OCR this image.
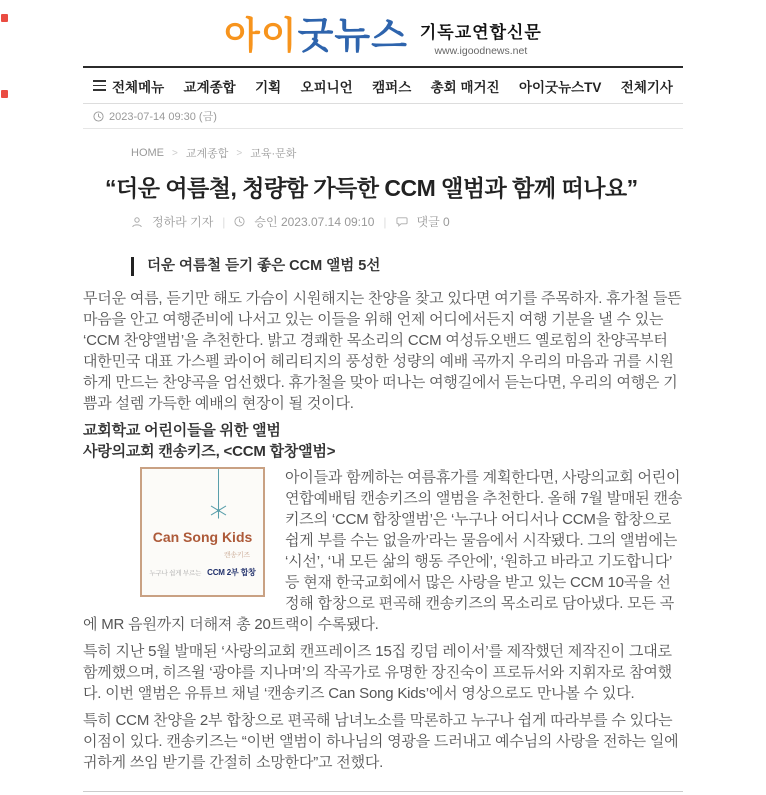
아이굿뉴스 기독교연합신문
www.igoodnews.net
전체메뉴 교계종합 기획 오피니언 캠퍼스 총회 매거진 아이굿뉴스TV 전체기사
2023-07-14 09:30 (금)
HOME > 교계종합 > 교육·문화
“더운 여름철, 청량함 가득한 CCM 앨범과 함께 떠나요”
정하라 기자 | 승인 2023.07.14 09:10 |	댓글 0
더운 여름철 듣기 좋은 CCM 앨범 5선

무더운 여름, 듣기만 해도 가슴이 시원해지는 찬양을 찾고 있다면 여기를 주목하자. 휴가철 들뜬 마음을 안고 여행준비에 나서고 있는 이들을 위해 언제 어디에서든지 여행 기분을 낼 수 있는 ‘CCM 찬양앨범’을 추천한다. 밝고 경쾌한 목소리의 CCM 여성듀오밴드 옐로힘의 찬양곡부터 대한민국 대표 가스펠 콰이어 헤리티지의 풍성한 성량의 예배 곡까지 우리의 마음과 귀를 시원하게 만드는 찬양곡을 엄선했다. 휴가철을 맞아 떠나는 여행길에서 듣는다면, 우리의 여행은 기쁨과 설렘 가득한 예배의 현장이 될 것이다.

교회학교 어린이들을 위한 앨범
사랑의교회 캔송키즈, <CCM 합창앨범>
Can Song Kids
캔송키즈
누구나 쉽게 부르는 CCM 2부 합창

아이들과 함께하는 여름휴가를 계획한다면, 사랑의교회 어린이 연합예배팀 캔송키즈의 앨범을 추천한다. 올해 7월 발매된 캔송키즈의 ‘CCM 합창앨범’은 ‘누구나 어디서나 CCM을 합창으로 쉽게 부를 수는 없을까’라는 물음에서 시작됐다. 그의 앨범에는 ‘시선’, ‘내 모든 삶의 행동 주안에’, ‘원하고 바라고 기도합니다’ 등 현재 한국교회에서 많은 사랑을 받고 있는 CCM 10곡을 선정해 합창으로 편곡해 캔송키즈의 목소리로 담아냈다. 모든 곡에 MR 음원까지 더해져 총 20트랙이 수록됐다.

특히 지난 5월 발매된 ‘사랑의교회 캔프레이즈 15집 킹덤 레이서’를 제작했던 제작진이 그대로 함께했으며, 히즈윌 ‘광야를 지나며’의 작곡가로 유명한 장진숙이 프로듀서와 지휘자로 참여했다. 이번 앨범은 유튜브 채널 ‘캔송키즈 Can Song Kids’에서 영상으로도 만나볼 수 있다.

특히 CCM 찬양을 2부 합창으로 편곡해 남녀노소를 막론하고 누구나 쉽게 따라부를 수 있다는 이점이 있다. 캔송키즈는 “이번 앨범이 하나님의 영광을 드러내고 예수님의 사랑을 전하는 일에 귀하게 쓰임 받기를 간절히 소망한다”고 전했다.
